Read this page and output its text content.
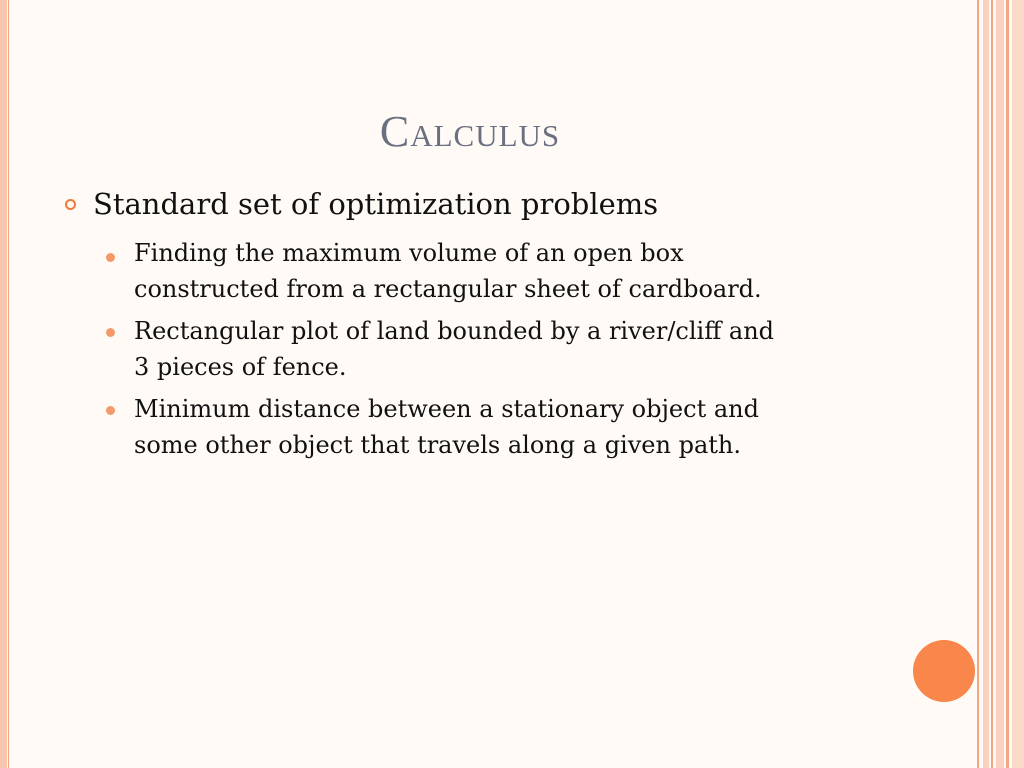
Calculus
Standard set of optimization problems
Finding the maximum volume of an open box
constructed from a rectangular sheet of cardboard.
Rectangular plot of land bounded by a river/cliff and
3 pieces of fence.
Minimum distance between a stationary object and
some other object that travels along a given path.
